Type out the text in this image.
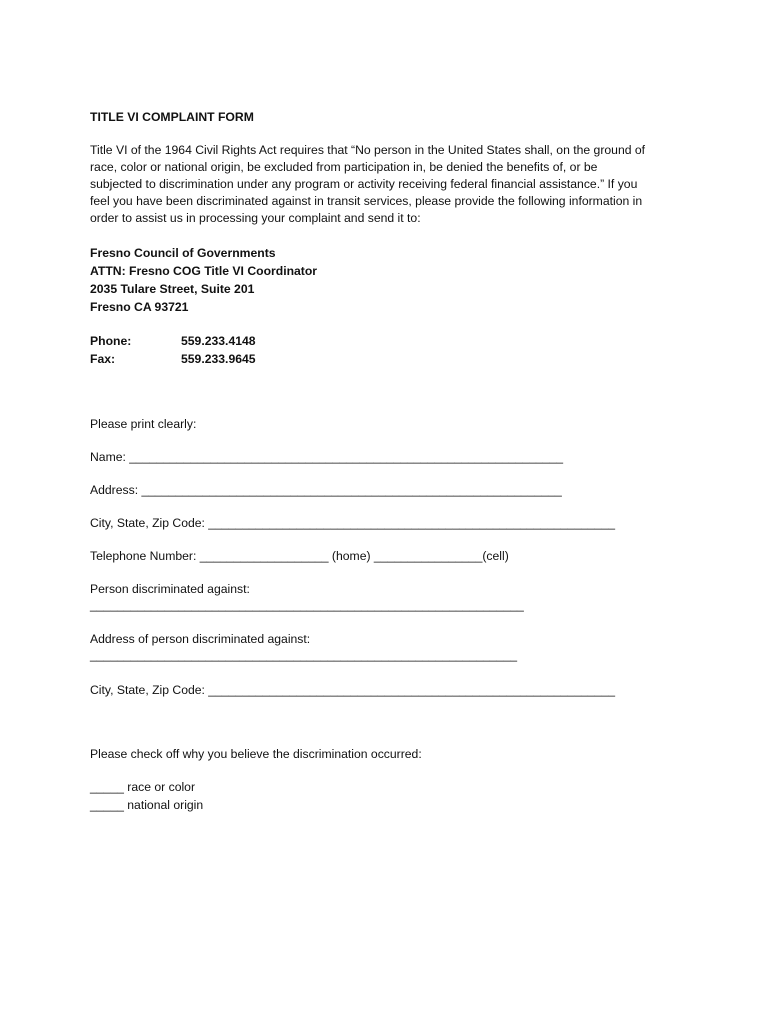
TITLE VI COMPLAINT FORM
Title VI of the 1964 Civil Rights Act requires that “No person in the United States shall, on the ground of
race, color or national origin, be excluded from participation in, be denied the benefits of, or be
subjected to discrimination under any program or activity receiving federal financial assistance.” If you
feel you have been discriminated against in transit services, please provide the following information in
order to assist us in processing your complaint and send it to:
Fresno Council of Governments
ATTN: Fresno COG Title VI Coordinator
2035 Tulare Street, Suite 201
Fresno CA 93721
Phone:	559.233.4148
Fax:	559.233.9645
Please print clearly:
Name: ________________________________________________________________
Address: ______________________________________________________________
City, State, Zip Code: ____________________________________________________________
Telephone Number: ___________________ (home) ________________(cell)
Person discriminated against:
________________________________________________________________
Address of person discriminated against:
_______________________________________________________________
City, State, Zip Code: ____________________________________________________________
Please check off why you believe the discrimination occurred:
_____ race or color
_____ national origin
